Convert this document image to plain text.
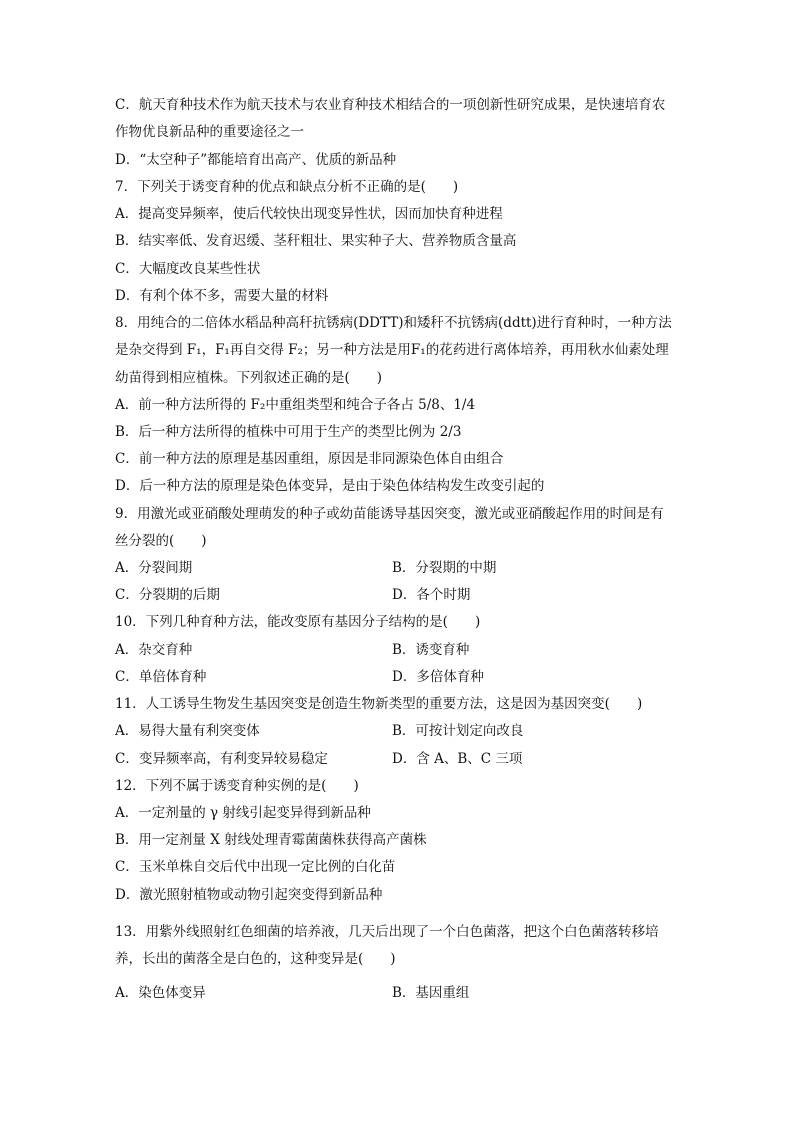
C．航天育种技术作为航天技术与农业育种技术相结合的一项创新性研究成果，是快速培育农
作物优良新品种的重要途径之一
D．“太空种子”都能培育出高产、优质的新品种
7．下列关于诱变育种的优点和缺点分析不正确的是(　　)
A．提高变异频率，使后代较快出现变异性状，因而加快育种进程
B．结实率低、发育迟缓、茎秆粗壮、果实种子大、营养物质含量高
C．大幅度改良某些性状
D．有利个体不多，需要大量的材料
8．用纯合的二倍体水稻品种高秆抗锈病(DDTT)和矮秆不抗锈病(ddtt)进行育种时，一种方法
是杂交得到 F₁，F₁再自交得 F₂；另一种方法是用F₁的花药进行离体培养，再用秋水仙素处理
幼苗得到相应植株。下列叙述正确的是(　　)
A．前一种方法所得的 F₂中重组类型和纯合子各占 5/8、1/4
B．后一种方法所得的植株中可用于生产的类型比例为 2/3
C．前一种方法的原理是基因重组，原因是非同源染色体自由组合
D．后一种方法的原理是染色体变异，是由于染色体结构发生改变引起的
9．用激光或亚硝酸处理萌发的种子或幼苗能诱导基因突变，激光或亚硝酸起作用的时间是有
丝分裂的(　　)
A．分裂间期	B．分裂期的中期
C．分裂期的后期	D．各个时期
10．下列几种育种方法，能改变原有基因分子结构的是(　　)
A．杂交育种	B．诱变育种
C．单倍体育种	D．多倍体育种
11．人工诱导生物发生基因突变是创造生物新类型的重要方法，这是因为基因突变(　　)
A．易得大量有利突变体	B．可按计划定向改良
C．变异频率高，有利变异较易稳定	D．含 A、B、C 三项
12．下列不属于诱变育种实例的是(　　)
A．一定剂量的 γ 射线引起变异得到新品种
B．用一定剂量 X 射线处理青霉菌菌株获得高产菌株
C．玉米单株自交后代中出现一定比例的白化苗
D．激光照射植物或动物引起突变得到新品种
13．用紫外线照射红色细菌的培养液，几天后出现了一个白色菌落，把这个白色菌落转移培
养，长出的菌落全是白色的，这种变异是(　　)
A．染色体变异	B．基因重组
